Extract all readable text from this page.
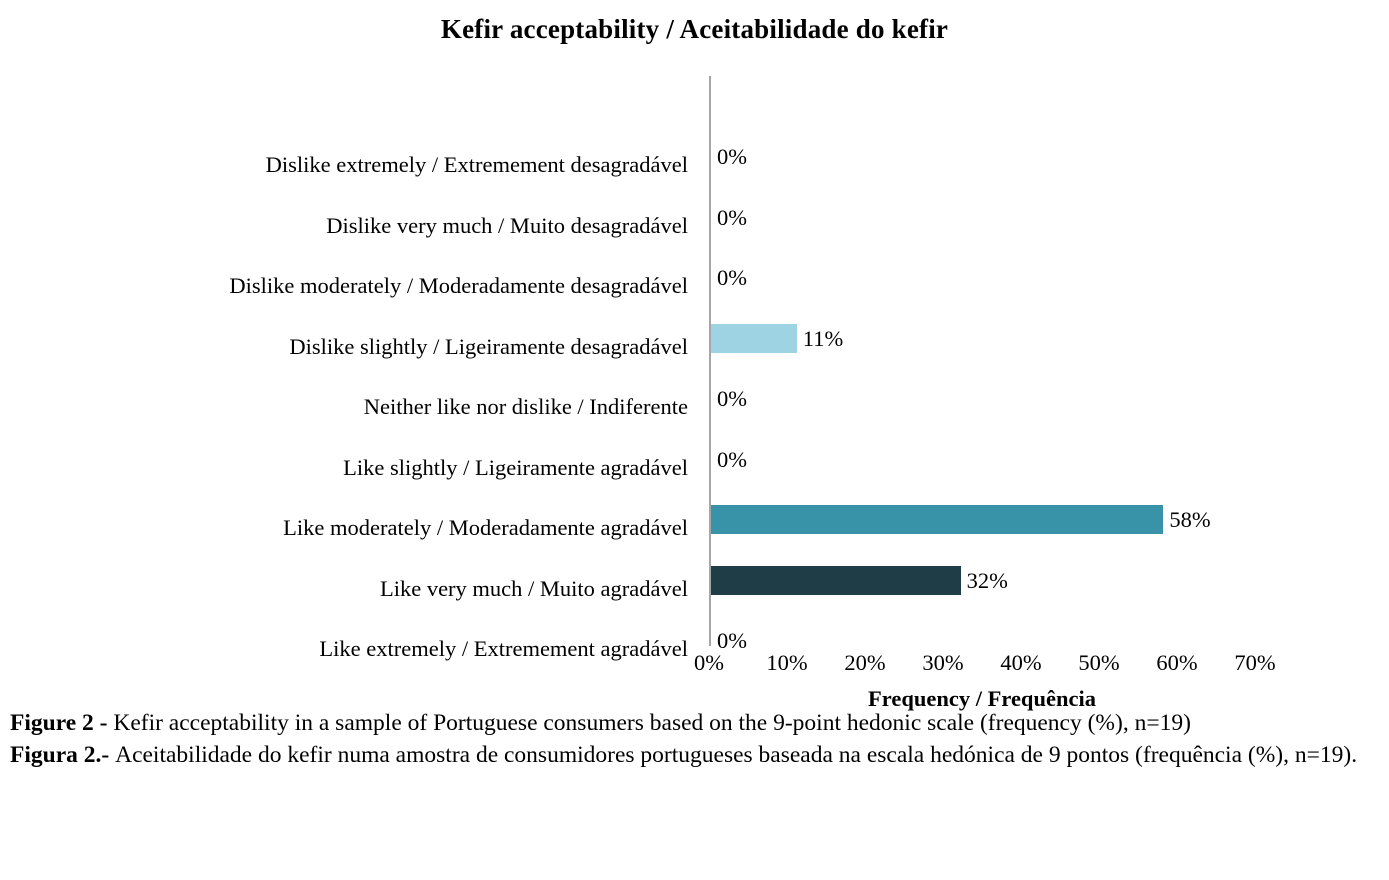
Kefir acceptability / Aceitabilidade do kefir
Dislike extremely / Extremement desagradável
Dislike very much / Muito desagradável
Dislike moderately / Moderadamente desagradável
Dislike slightly / Ligeiramente desagradável
Neither like nor dislike / Indiferente
Like slightly / Ligeiramente agradável
Like moderately / Moderadamente agradável
Like very much / Muito agradável
Like extremely / Extremement agradável
0%
0%
0%
11%
0%
0%
58%
32%
0%
0% 10% 20% 30% 40% 50% 60% 70%
Frequency / Frequência

Figure 2 - Kefir acceptability in a sample of Portuguese consumers based on the 9-point hedonic scale (frequency (%), n=19)

Figura 2.- Aceitabilidade do kefir numa amostra de consumidores portugueses baseada na escala hedónica de 9 pontos (frequência (%), n=19).
